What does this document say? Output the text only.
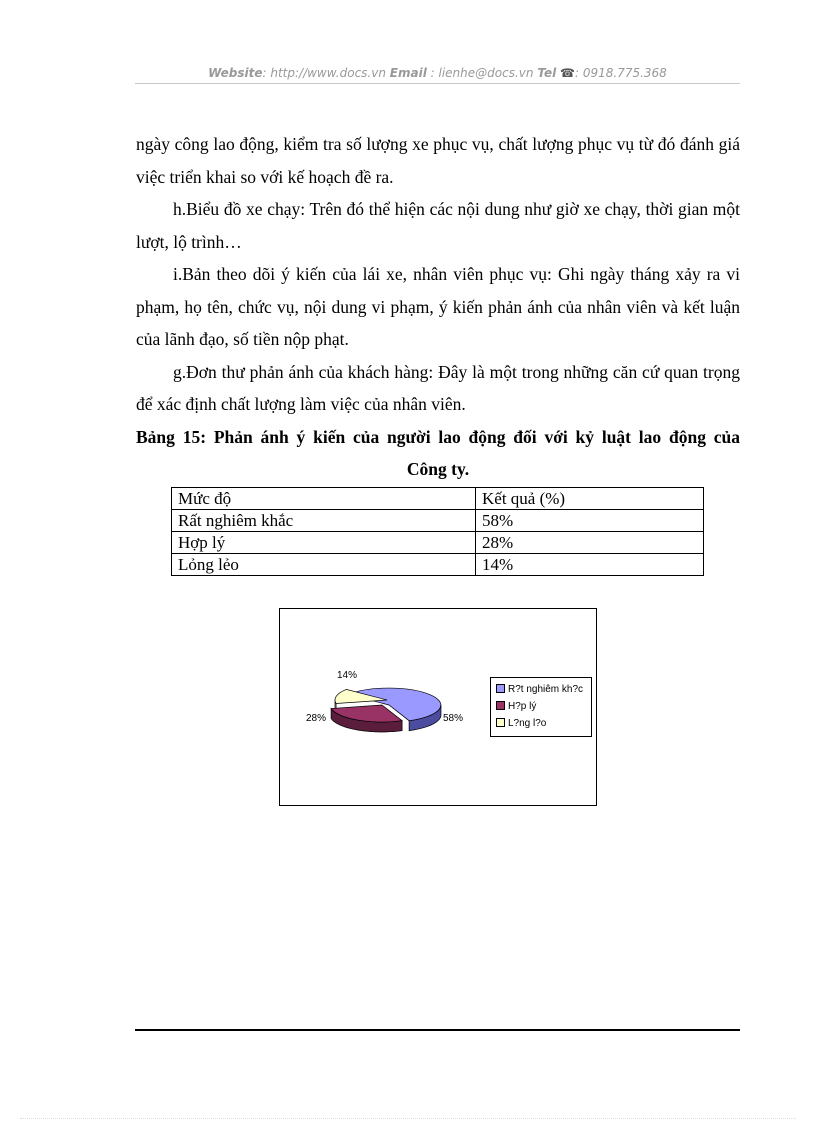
Website: http://www.docs.vn Email : lienhe@docs.vn Tel ☎: 0918.775.368

ngày công lao động, kiểm tra số lượng xe phục vụ, chất lượng phục vụ từ đó đánh giá việc triển khai so với kế hoạch đề ra.

h.Biểu đồ xe chạy: Trên đó thể hiện các nội dung như giờ xe chạy, thời gian một lượt, lộ trình…

i.Bản theo dõi ý kiến của lái xe, nhân viên phục vụ: Ghi ngày tháng xảy ra vi phạm, họ tên, chức vụ, nội dung vi phạm, ý kiến phản ánh của nhân viên và kết luận của lãnh đạo, số tiền nộp phạt.

g.Đơn thư phản ánh của khách hàng: Đây là một trong những căn cứ quan trọng để xác định chất lượng làm việc của nhân viên.

Bảng 15: Phản ánh ý kiến của người lao động đối với kỷ luật lao động của
Công ty.
Mức độ	Kết quả (%)
Rất nghiêm khắc	58%
Hợp lý	28%
Lỏng lẻo	14%
58%
28%
14%
R?t nghiêm kh?c
H?p lý
L?ng l?o
